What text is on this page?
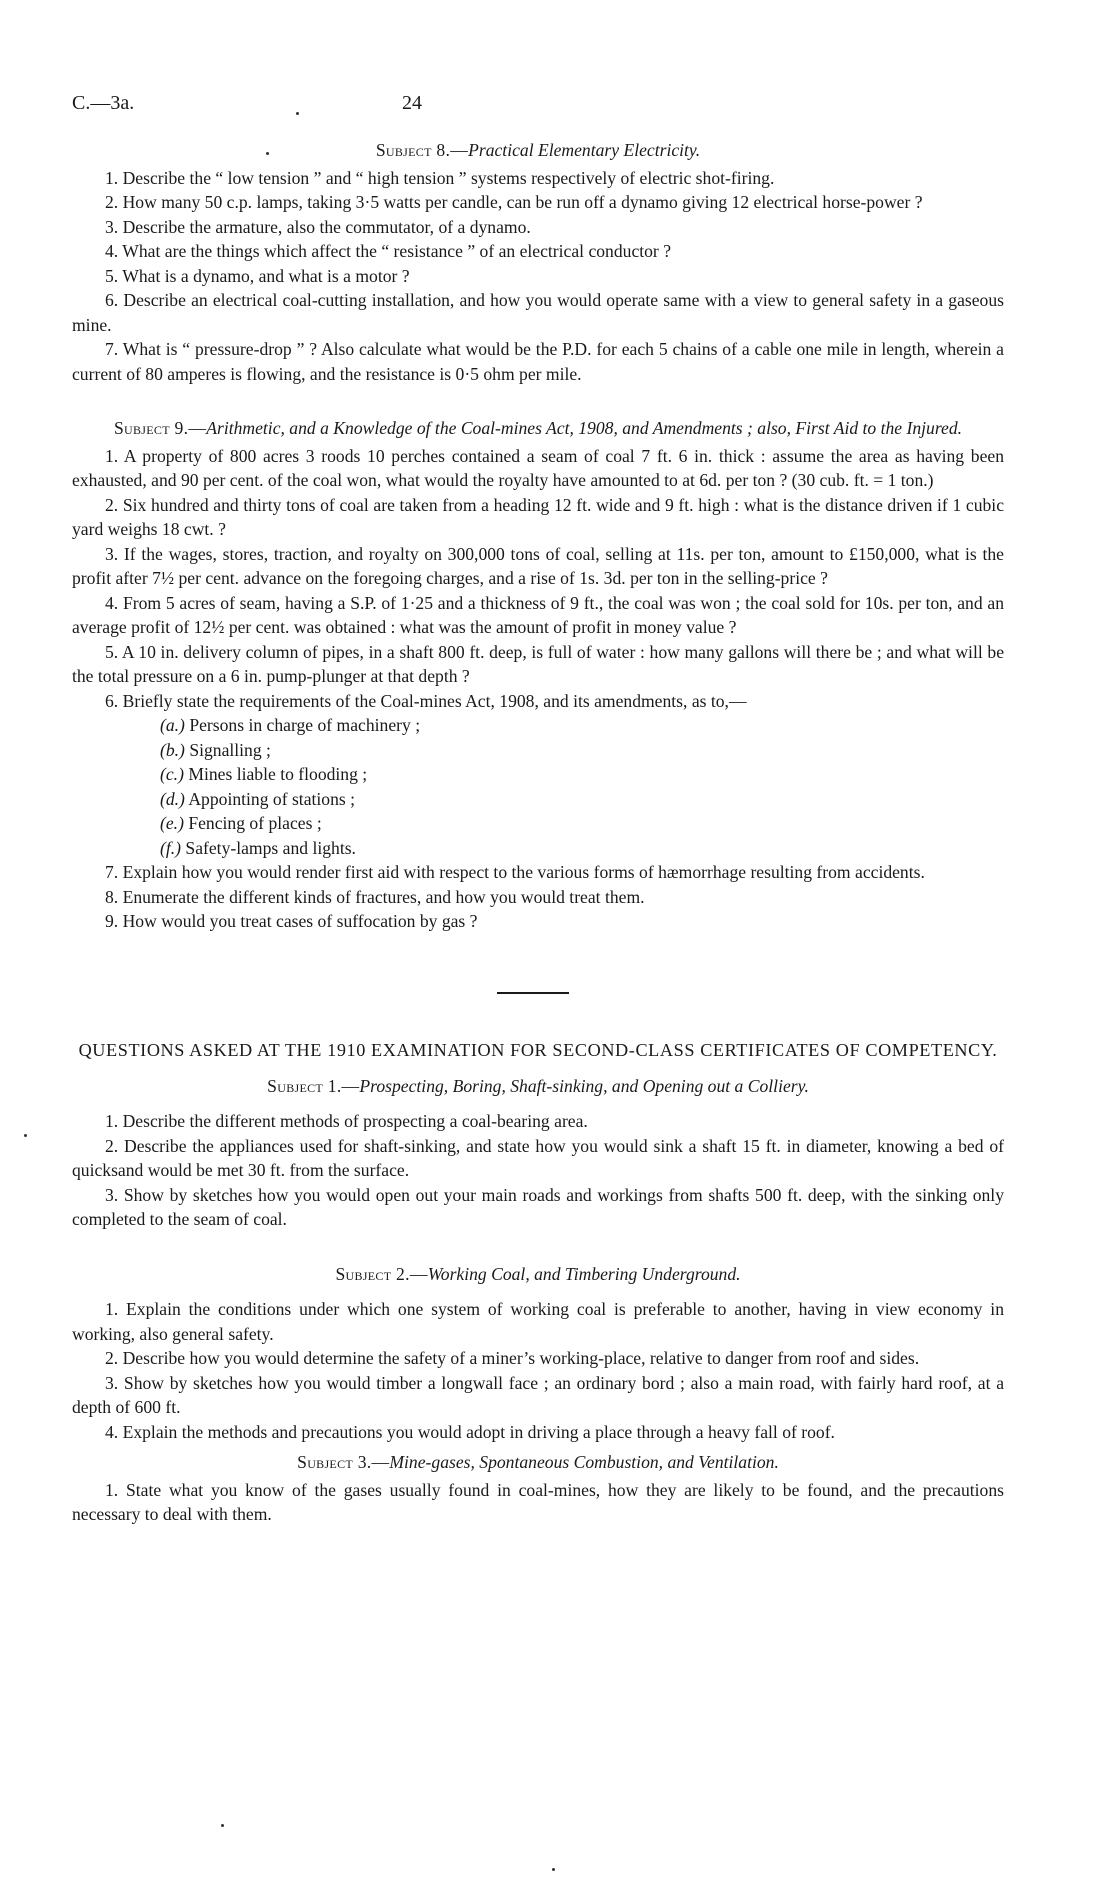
C.—3a.	24
Subject 8.—Practical Elementary Electricity.

1. Describe the “ low tension ” and “ high tension ” systems respectively of electric shot-firing.

2. How many 50 c.p. lamps, taking 3·5 watts per candle, can be run off a dynamo giving 12 electrical horse-power ?

3. Describe the armature, also the commutator, of a dynamo.

4. What are the things which affect the “ resistance ” of an electrical conductor ?

5. What is a dynamo, and what is a motor ?

6. Describe an electrical coal-cutting installation, and how you would operate same with a view to general safety in a gaseous mine.

7. What is “ pressure-drop ” ? Also calculate what would be the P.D. for each 5 chains of a cable one mile in length, wherein a current of 80 amperes is flowing, and the resistance is 0·5 ohm per mile.

Subject 9.—Arithmetic, and a Knowledge of the Coal-mines Act, 1908, and Amendments ; also, First Aid to the Injured.

1. A property of 800 acres 3 roods 10 perches contained a seam of coal 7 ft. 6 in. thick : assume the area as having been exhausted, and 90 per cent. of the coal won, what would the royalty have amounted to at 6d. per ton ? (30 cub. ft. = 1 ton.)

2. Six hundred and thirty tons of coal are taken from a heading 12 ft. wide and 9 ft. high : what is the distance driven if 1 cubic yard weighs 18 cwt. ?

3. If the wages, stores, traction, and royalty on 300,000 tons of coal, selling at 11s. per ton, amount to £150,000, what is the profit after 7½ per cent. advance on the foregoing charges, and a rise of 1s. 3d. per ton in the selling-price ?

4. From 5 acres of seam, having a S.P. of 1·25 and a thickness of 9 ft., the coal was won ; the coal sold for 10s. per ton, and an average profit of 12½ per cent. was obtained : what was the amount of profit in money value ?

5. A 10 in. delivery column of pipes, in a shaft 800 ft. deep, is full of water : how many gallons will there be ; and what will be the total pressure on a 6 in. pump-plunger at that depth ?

6. Briefly state the requirements of the Coal-mines Act, 1908, and its amendments, as to,—

(a.) Persons in charge of machinery ;

(b.) Signalling ;

(c.) Mines liable to flooding ;

(d.) Appointing of stations ;

(e.) Fencing of places ;

(f.) Safety-lamps and lights.

7. Explain how you would render first aid with respect to the various forms of hæmorrhage resulting from accidents.

8. Enumerate the different kinds of fractures, and how you would treat them.

9. How would you treat cases of suffocation by gas ?

QUESTIONS ASKED AT THE 1910 EXAMINATION FOR SECOND-CLASS CERTIFICATES OF COMPETENCY.
Subject 1.—Prospecting, Boring, Shaft-sinking, and Opening out a Colliery.

1. Describe the different methods of prospecting a coal-bearing area.

2. Describe the appliances used for shaft-sinking, and state how you would sink a shaft 15 ft. in diameter, knowing a bed of quicksand would be met 30 ft. from the surface.

3. Show by sketches how you would open out your main roads and workings from shafts 500 ft. deep, with the sinking only completed to the seam of coal.

Subject 2.—Working Coal, and Timbering Underground.

1. Explain the conditions under which one system of working coal is preferable to another, having in view economy in working, also general safety.

2. Describe how you would determine the safety of a miner’s working-place, relative to danger from roof and sides.

3. Show by sketches how you would timber a longwall face ; an ordinary bord ; also a main road, with fairly hard roof, at a depth of 600 ft.

4. Explain the methods and precautions you would adopt in driving a place through a heavy fall of roof.

Subject 3.—Mine-gases, Spontaneous Combustion, and Ventilation.

1. State what you know of the gases usually found in coal-mines, how they are likely to be found, and the precautions necessary to deal with them.
